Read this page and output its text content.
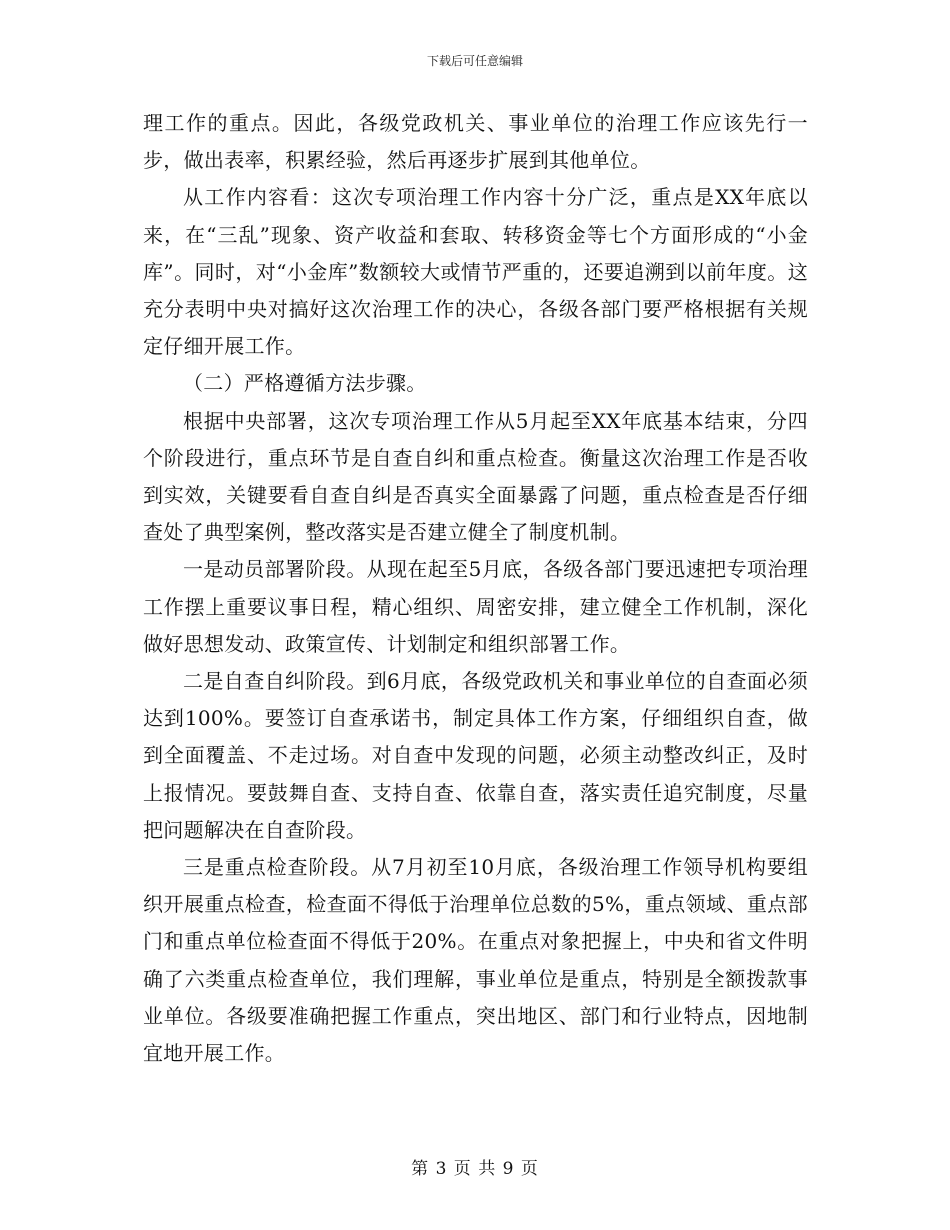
下载后可任意编辑

理工作的重点。因此，各级党政机关、事业单位的治理工作应该先行一步，做出表率，积累经验，然后再逐步扩展到其他单位。

从工作内容看：这次专项治理工作内容十分广泛，重点是XX年底以来，在“三乱”现象、资产收益和套取、转移资金等七个方面形成的“小金库”。同时，对“小金库”数额较大或情节严重的，还要追溯到以前年度。这充分表明中央对搞好这次治理工作的决心，各级各部门要严格根据有关规定仔细开展工作。

（二）严格遵循方法步骤。

根据中央部署，这次专项治理工作从5月起至XX年底基本结束，分四个阶段进行，重点环节是自查自纠和重点检查。衡量这次治理工作是否收到实效，关键要看自查自纠是否真实全面暴露了问题，重点检查是否仔细查处了典型案例，整改落实是否建立健全了制度机制。

一是动员部署阶段。从现在起至5月底，各级各部门要迅速把专项治理工作摆上重要议事日程，精心组织、周密安排，建立健全工作机制，深化做好思想发动、政策宣传、计划制定和组织部署工作。

二是自查自纠阶段。到6月底，各级党政机关和事业单位的自查面必须达到100%。要签订自查承诺书，制定具体工作方案，仔细组织自查，做到全面覆盖、不走过场。对自查中发现的问题，必须主动整改纠正，及时上报情况。要鼓舞自查、支持自查、依靠自查，落实责任追究制度，尽量把问题解决在自查阶段。

三是重点检查阶段。从7月初至10月底，各级治理工作领导机构要组织开展重点检查，检查面不得低于治理单位总数的5%，重点领域、重点部门和重点单位检查面不得低于20%。在重点对象把握上，中央和省文件明确了六类重点检查单位，我们理解，事业单位是重点，特别是全额拨款事业单位。各级要准确把握工作重点，突出地区、部门和行业特点，因地制宜地开展工作。

第 3 页 共 9 页
